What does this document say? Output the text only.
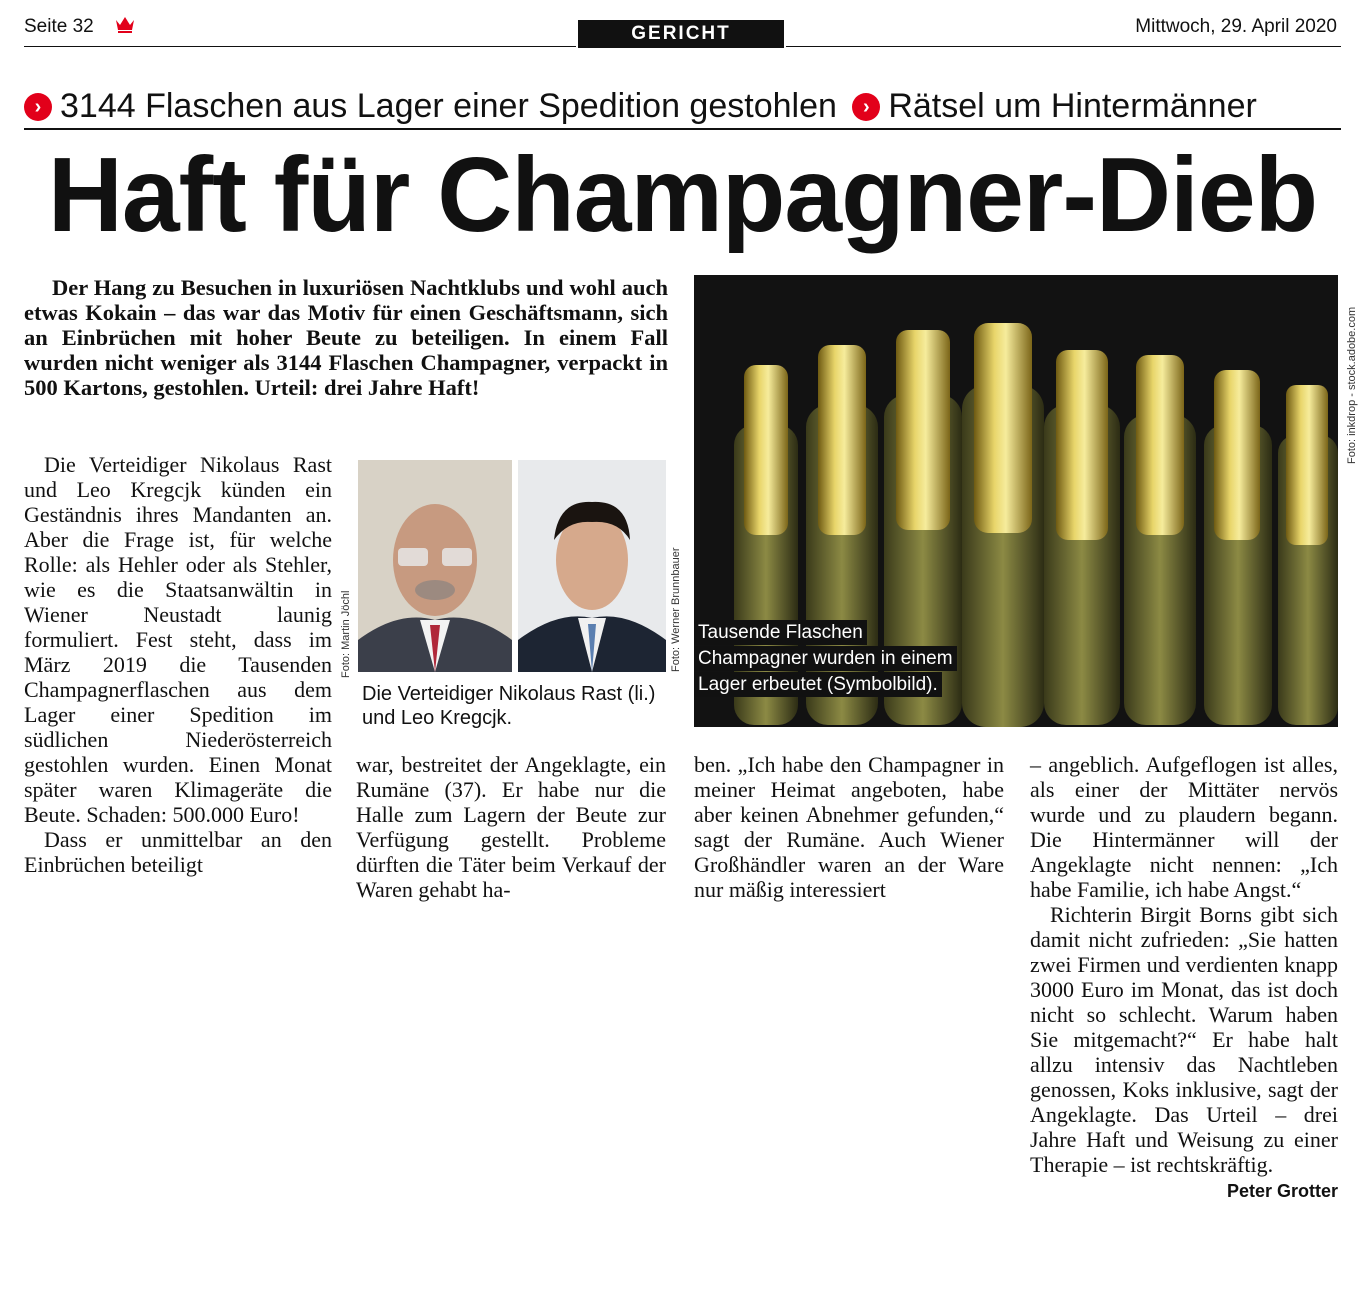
Seite 32	GERICHT	Mittwoch, 29. April 2020
› 3144 Flaschen aus Lager einer Spedition gestohlen › Rätsel um Hintermänner
Haft für Champagner-Dieb

Der Hang zu Besuchen in luxuriösen Nachtklubs und wohl auch etwas Kokain – das war das Motiv für einen Geschäftsmann, sich an Einbrüchen mit hoher Beute zu beteiligen. In einem Fall wurden nicht weniger als 3144 Flaschen Champagner, verpackt in 500 Kartons, gestohlen. Urteil: drei Jahre Haft!

Die Verteidiger Nikolaus Rast und Leo Kregcjk künden ein Geständnis ihres Mandanten an. Aber die Frage ist, für welche Rolle: als Hehler oder als Stehler, wie es die Staatsanwältin in Wiener Neustadt launig formuliert. Fest steht, dass im März 2019 die Tausenden Champagnerflaschen aus dem Lager einer Spedition im südlichen Niederösterreich gestohlen wurden. Einen Monat später waren Klimageräte die Beute. Schaden: 500.000 Euro!

Dass er unmittelbar an den Einbrüchen beteiligt

Foto: Martin Jöchl	Foto: Werner Brunnbauer
Die Verteidiger Nikolaus Rast (li.) und Leo Kregcjk.
Foto: inkdrop - stock.adobe.com
Tausende Flaschen
Champagner wurden in einem
Lager erbeutet (Symbolbild).

war, bestreitet der Angeklagte, ein Rumäne (37). Er habe nur die Halle zum Lagern der Beute zur Verfügung gestellt. Probleme dürften die Täter beim Verkauf der Waren gehabt ha-

ben. „Ich habe den Champagner in meiner Heimat angeboten, habe aber keinen Abnehmer gefunden,“ sagt der Rumäne. Auch Wiener Großhändler waren an der Ware nur mäßig interessiert

– angeblich. Aufgeflogen ist alles, als einer der Mittäter nervös wurde und zu plaudern begann. Die Hintermänner will der Angeklagte nicht nennen: „Ich habe Familie, ich habe Angst.“

Richterin Birgit Borns gibt sich damit nicht zufrieden: „Sie hatten zwei Firmen und verdienten knapp 3000 Euro im Monat, das ist doch nicht so schlecht. Warum haben Sie mitgemacht?“ Er habe halt allzu intensiv das Nachtleben genossen, Koks inklusive, sagt der Angeklagte. Das Urteil – drei Jahre Haft und Weisung zu einer Therapie – ist rechtskräftig.
Peter Grotter
